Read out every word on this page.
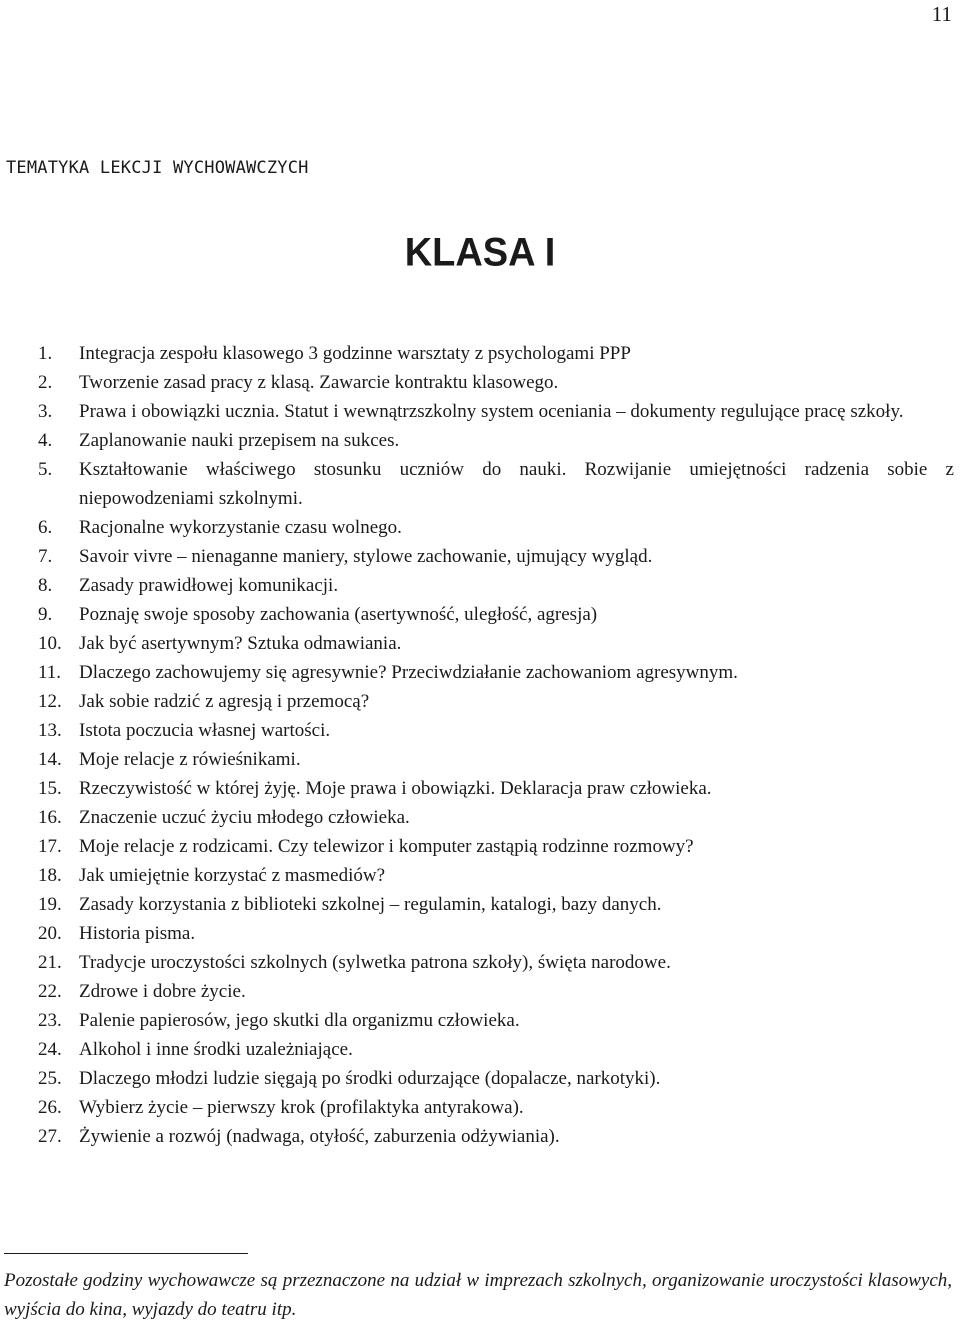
11
TEMATYKA LEKCJI WYCHOWAWCZYCH
KLASA I
1. Integracja zespołu klasowego 3 godzinne warsztaty z psychologami PPP
2. Tworzenie zasad pracy z klasą. Zawarcie kontraktu klasowego.
3. Prawa i obowiązki ucznia. Statut i wewnątrzszkolny system oceniania – dokumenty regulujące pracę szkoły.
4. Zaplanowanie nauki przepisem na sukces.
5. Kształtowanie właściwego stosunku uczniów do nauki. Rozwijanie umiejętności radzenia sobie z niepowodzeniami szkolnymi.
6. Racjonalne wykorzystanie czasu wolnego.
7. Savoir vivre – nienaganne maniery, stylowe zachowanie, ujmujący wygląd.
8. Zasady prawidłowej komunikacji.
9. Poznaję swoje sposoby zachowania (asertywność, uległość, agresja)
10. Jak być asertywnym? Sztuka odmawiania.
11. Dlaczego zachowujemy się agresywnie? Przeciwdziałanie zachowaniom agresywnym.
12. Jak sobie radzić z agresją i przemocą?
13. Istota poczucia własnej wartości.
14. Moje relacje z rówieśnikami.
15. Rzeczywistość w której żyję. Moje prawa i obowiązki. Deklaracja praw człowieka.
16. Znaczenie uczuć życiu młodego człowieka.
17. Moje relacje z rodzicami. Czy telewizor i komputer zastąpią rodzinne rozmowy?
18. Jak umiejętnie korzystać z masmediów?
19. Zasady korzystania z biblioteki szkolnej – regulamin, katalogi, bazy danych.
20. Historia pisma.
21. Tradycje uroczystości szkolnych (sylwetka patrona szkoły), święta narodowe.
22. Zdrowe i dobre życie.
23. Palenie papierosów, jego skutki dla organizmu człowieka.
24. Alkohol i inne środki uzależniające.
25. Dlaczego młodzi ludzie sięgają po środki odurzające (dopalacze, narkotyki).
26. Wybierz życie – pierwszy krok (profilaktyka antyrakowa).
27. Żywienie a rozwój (nadwaga, otyłość, zaburzenia odżywiania).
Pozostałe godziny wychowawcze są przeznaczone na udział w imprezach szkolnych, organizowanie uroczystości klasowych, wyjścia do kina, wyjazdy do teatru itp.
